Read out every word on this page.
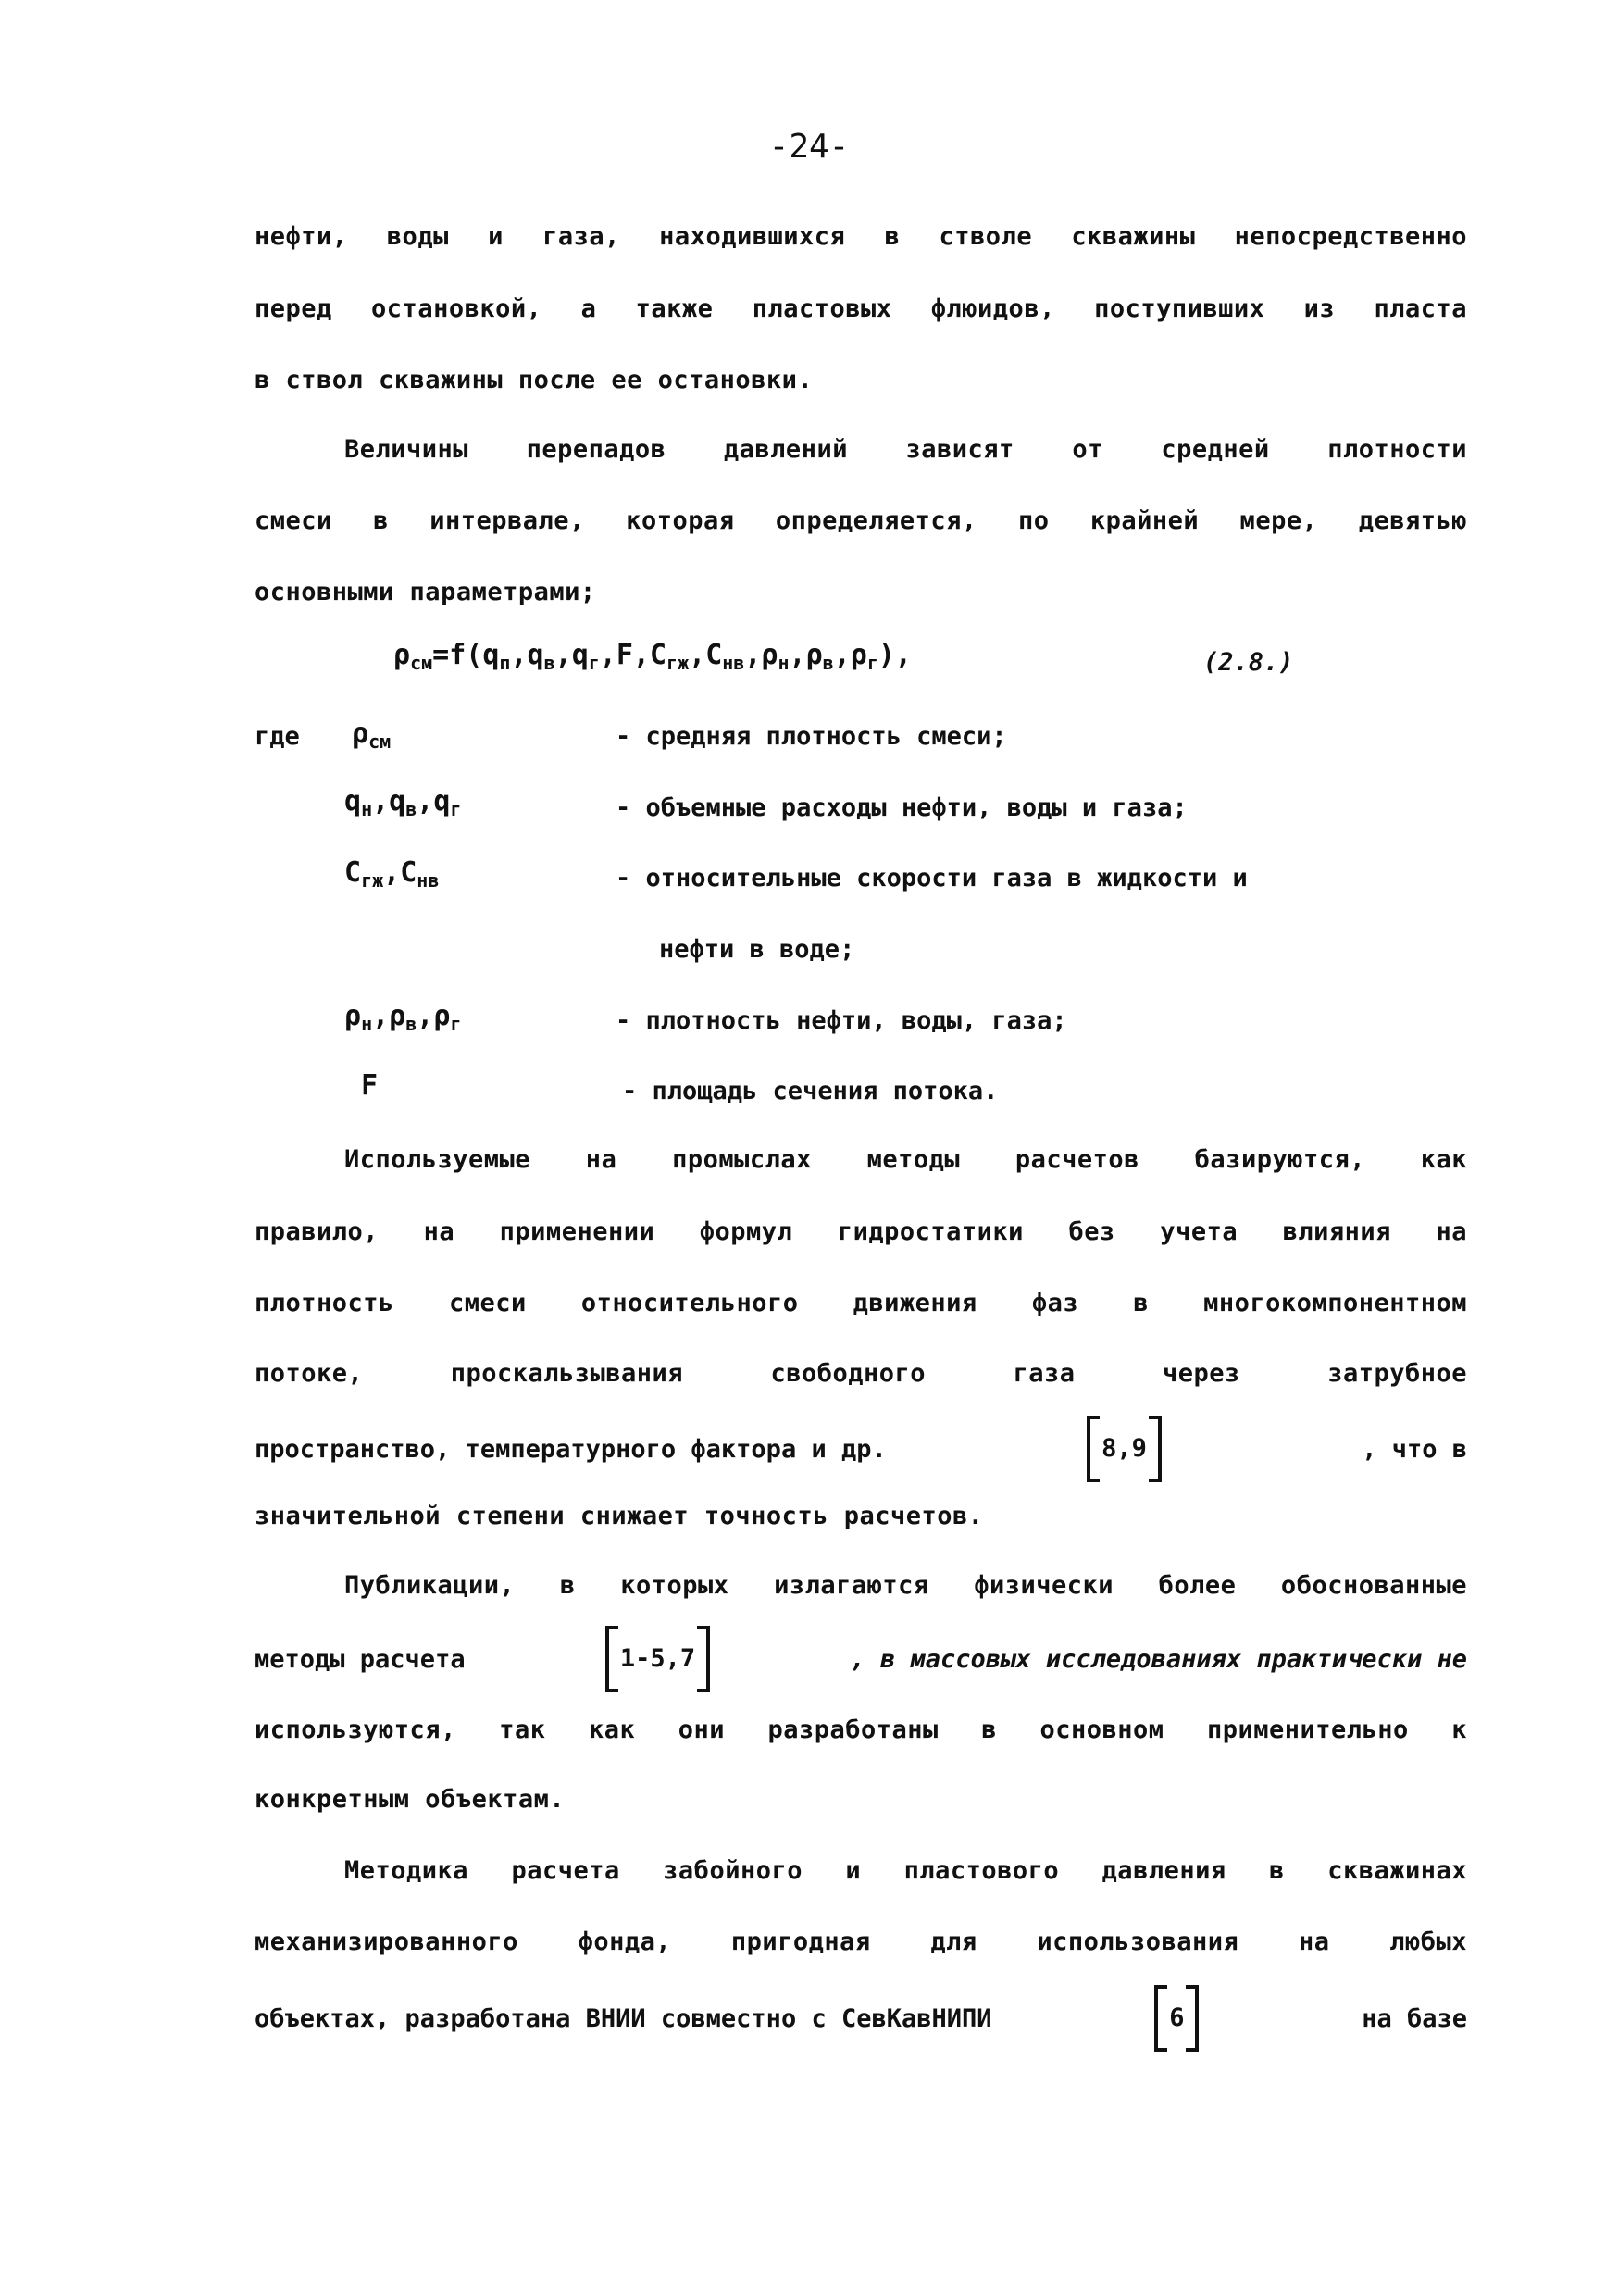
-24-
нефти, воды и газа, находившихся в стволе скважины непосредственно
перед остановкой, а также пластовых флюидов, поступивших из пласта
в ствол скважины после ее остановки.
Величины перепадов давлений зависят от средней плотности
смеси в интервале, которая определяется, по крайней мере, девятью
основными параметрами;
$\rho_{см}=f(q_п,q_в,q_г,F,C_{гж},C_{нв},\rho_н,\rho_в,\rho_г)$,	(2.8.)
где $\rho_{см}$	- средняя плотность смеси;
$q_н,q_в,q_г$	- объемные расходы нефти, воды и газа;
$C_{гж},C_{нв}$	- относительные скорости газа в жидкости и
нефти в воде;
$\rho_н,\rho_в,\rho_г$	- плотность нефти, воды, газа;
F	- площадь сечения потока.
Используемые на промыслах методы расчетов базируются, как
правило, на применении формул гидростатики без учета влияния на
плотность смеси относительного движения фаз в многокомпонентном
потоке, проскальзывания свободного газа через затрубное
пространство, температурного фактора и др.	8,9	, что в
значительной степени снижает точность расчетов.
Публикации, в которых излагаются физически более обоснованные
методы расчета	1-5,7	, в массовых исследованиях практически не
используются, так как они разработаны в основном применительно к
конкретным объектам.
Методика расчета забойного и пластового давления в скважинах
механизированного фонда, пригодная для использования на любых
объектах, разработана ВНИИ совместно с СевКавНИПИ	6	на базе
